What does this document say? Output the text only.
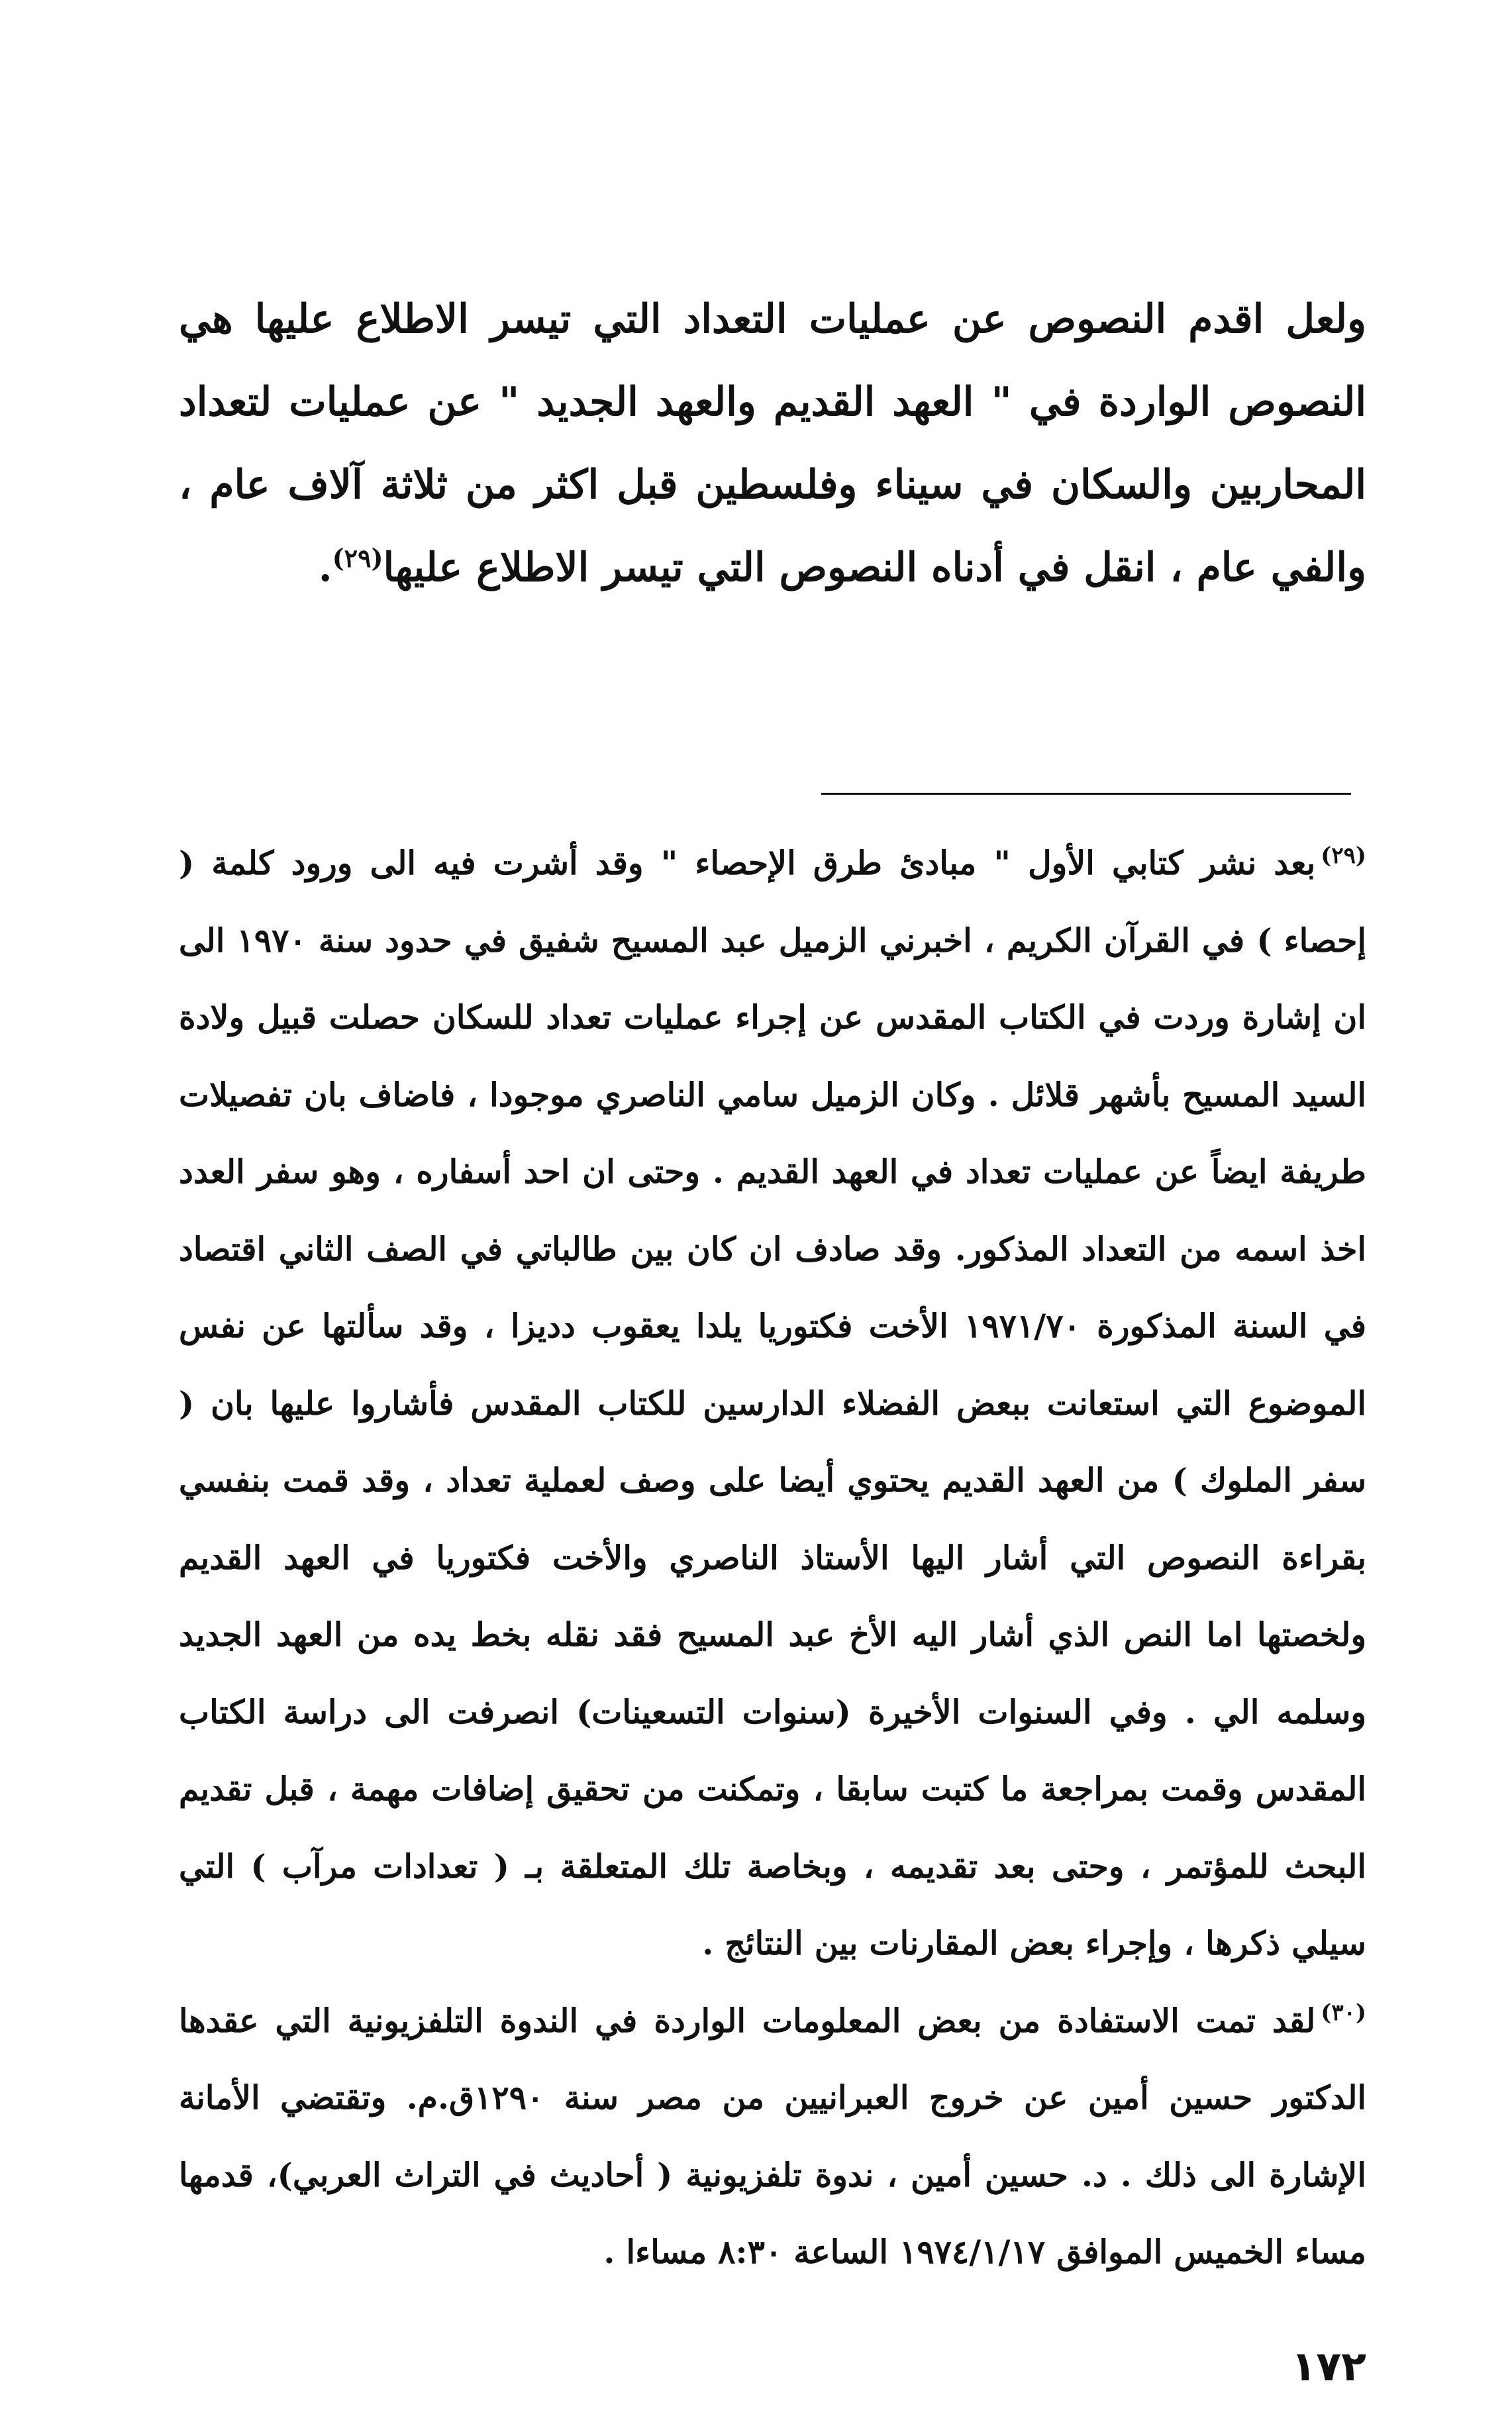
ولعل اقدم النصوص عن عمليات التعداد التي تيسر الاطلاع عليها هي النصوص الواردة في " العهد القديم والعهد الجديد " عن عمليات لتعداد المحاربين والسكان في سيناء وفلسطين قبل اكثر من ثلاثة آلاف عام ، والفي عام ، انقل في أدناه النصوص التي تيسر الاطلاع عليها$^{(٢٩)}$.

$^{(٢٩)}$بعد نشر كتابي الأول " مبادئ طرق الإحصاء " وقد أشرت فيه الى ورود كلمة ( إحصاء ) في القرآن الكريم ، اخبرني الزميل عبد المسيح شفيق في حدود سنة ١٩٧٠ الى ان إشارة وردت في الكتاب المقدس عن إجراء عمليات تعداد للسكان حصلت قبيل ولادة السيد المسيح بأشهر قلائل . وكان الزميل سامي الناصري موجودا ، فاضاف بان تفصيلات طريفة ايضاً عن عمليات تعداد في العهد القديم . وحتى ان احد أسفاره ، وهو سفر العدد اخذ اسمه من التعداد المذكور. وقد صادف ان كان بين طالباتي في الصف الثاني اقتصاد في السنة المذكورة ١٩٧١/٧٠ الأخت فكتوريا يلدا يعقوب دديزا ، وقد سألتها عن نفس الموضوع التي استعانت ببعض الفضلاء الدارسين للكتاب المقدس فأشاروا عليها بان ( سفر الملوك ) من العهد القديم يحتوي أيضا على وصف لعملية تعداد ، وقد قمت بنفسي بقراءة النصوص التي أشار اليها الأستاذ الناصري والأخت فكتوريا في العهد القديم ولخصتها اما النص الذي أشار اليه الأخ عبد المسيح فقد نقله بخط يده من العهد الجديد وسلمه الي . وفي السنوات الأخيرة (سنوات التسعينات) انصرفت الى دراسة الكتاب المقدس وقمت بمراجعة ما كتبت سابقا ، وتمكنت من تحقيق إضافات مهمة ، قبل تقديم البحث للمؤتمر ، وحتى بعد تقديمه ، وبخاصة تلك المتعلقة بـ ( تعدادات مرآب ) التي سيلي ذكرها ، وإجراء بعض المقارنات بين النتائج .

$^{(٣٠)}$لقد تمت الاستفادة من بعض المعلومات الواردة في الندوة التلفزيونية التي عقدها الدكتور حسين أمين عن خروج العبرانيين من مصر سنة ١٢٩٠ق.م. وتقتضي الأمانة الإشارة الى ذلك . د. حسين أمين ، ندوة تلفزيونية ( أحاديث في التراث العربي)، قدمها مساء الخميس الموافق ١٩٧٤/١/١٧ الساعة ٨:٣٠ مساءا .

١٧٢
